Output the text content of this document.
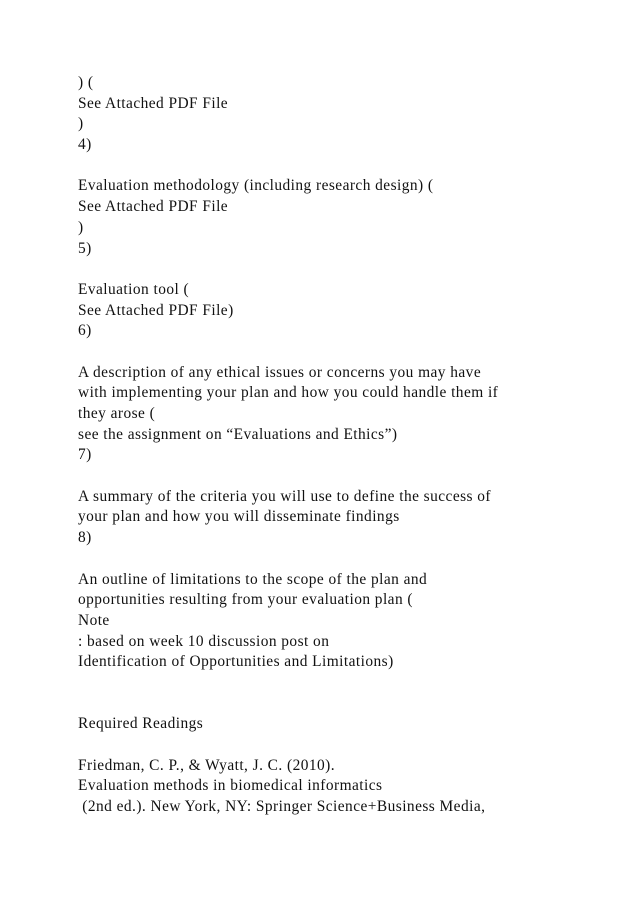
) (
See Attached PDF File
)
4)
Evaluation methodology (including research design) (
See Attached PDF File
)
5)
Evaluation tool (
See Attached PDF File)
6)
A description of any ethical issues or concerns you may have
with implementing your plan and how you could handle them if
they arose (
see the assignment on “Evaluations and Ethics”)
7)
A summary of the criteria you will use to define the success of
your plan and how you will disseminate findings
8)
An outline of limitations to the scope of the plan and
opportunities resulting from your evaluation plan (
Note
: based on week 10 discussion post on
Identification of Opportunities and Limitations)
Required Readings
Friedman, C. P., & Wyatt, J. C. (2010).
Evaluation methods in biomedical informatics
(2nd ed.). New York, NY: Springer Science+Business Media,
